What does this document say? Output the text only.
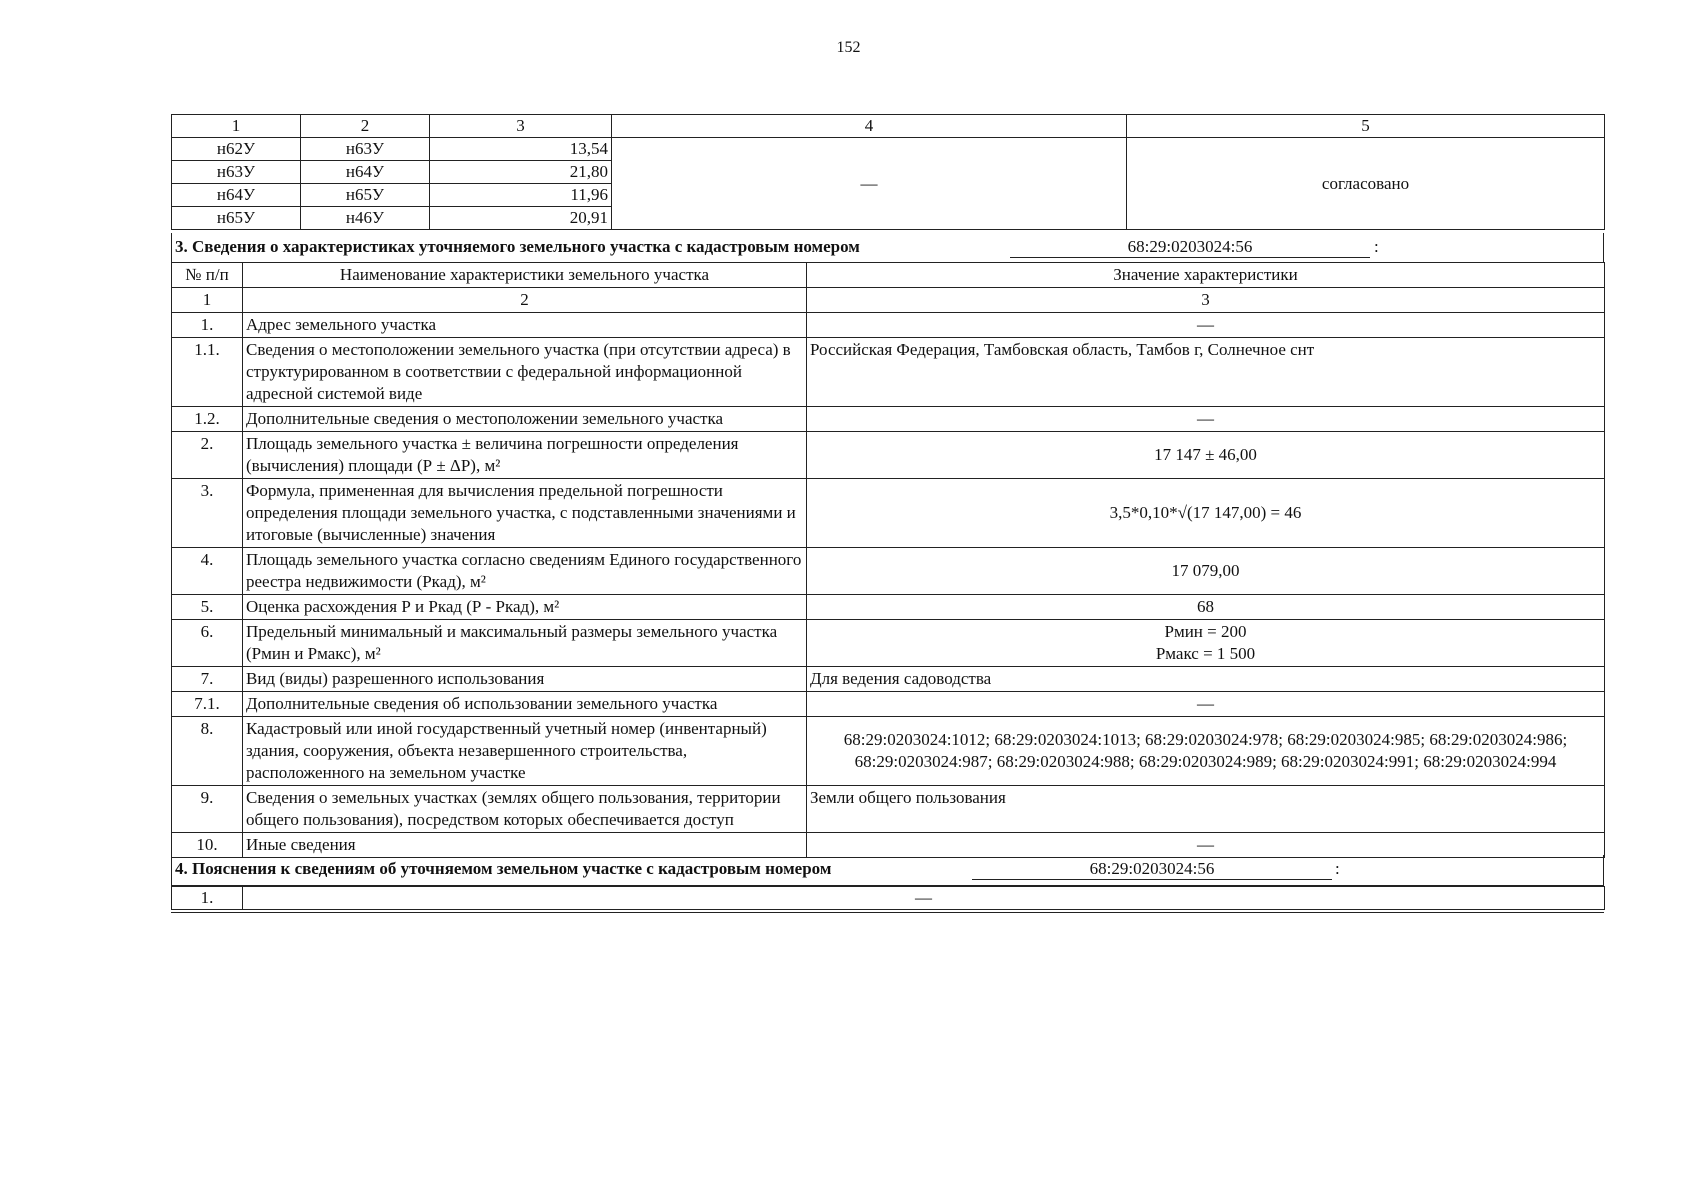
152
1	2	3	4	5
н62У	н63У	13,54	—	согласовано
н63У	н64У	21,80		
н64У	н65У	11,96		
н65У	н46У	20,91		
3. Сведения о характеристиках уточняемого земельного участка с кадастровым номером	68:29:0203024:56	:
№ п/п	Наименование характеристики земельного участка	Значение характеристики
1	2	3
1.	Адрес земельного участка	—
1.1.	Сведения о местоположении земельного участка (при отсутствии адреса) в структурированном в соответствии с федеральной информационной адресной системой виде	Российская Федерация, Тамбовская область, Тамбов г, Солнечное снт
1.2.	Дополнительные сведения о местоположении земельного участка	—
2.	Площадь земельного участка ± величина погрешности определения (вычисления) площади (Р ± ΔР), м²	17 147 ± 46,00
3.	Формула, примененная для вычисления предельной погрешности определения площади земельного участка, с подставленными значениями и итоговые (вычисленные) значения	3,5*0,10*√(17 147,00) = 46
4.	Площадь земельного участка согласно сведениям Единого государственного реестра недвижимости (Ркад), м²	17 079,00
5.	Оценка расхождения Р и Ркад (Р - Ркад), м²	68
6.	Предельный минимальный и максимальный размеры земельного участка (Рмин и Рмакс), м²	Рмин = 200
Рмакс = 1 500
7.	Вид (виды) разрешенного использования	Для ведения садоводства
7.1.	Дополнительные сведения об использовании земельного участка	—
8.	Кадастровый или иной государственный учетный номер (инвентарный) здания, сооружения, объекта незавершенного строительства, расположенного на земельном участке	68:29:0203024:1012; 68:29:0203024:1013; 68:29:0203024:978; 68:29:0203024:985; 68:29:0203024:986; 68:29:0203024:987; 68:29:0203024:988; 68:29:0203024:989; 68:29:0203024:991; 68:29:0203024:994
9.	Сведения о земельных участках (землях общего пользования, территории общего пользования), посредством которых обеспечивается доступ	Земли общего пользования
10.	Иные сведения	—
4. Пояснения к сведениям об уточняемом земельном участке с кадастровым номером	68:29:0203024:56	:
1.	—
